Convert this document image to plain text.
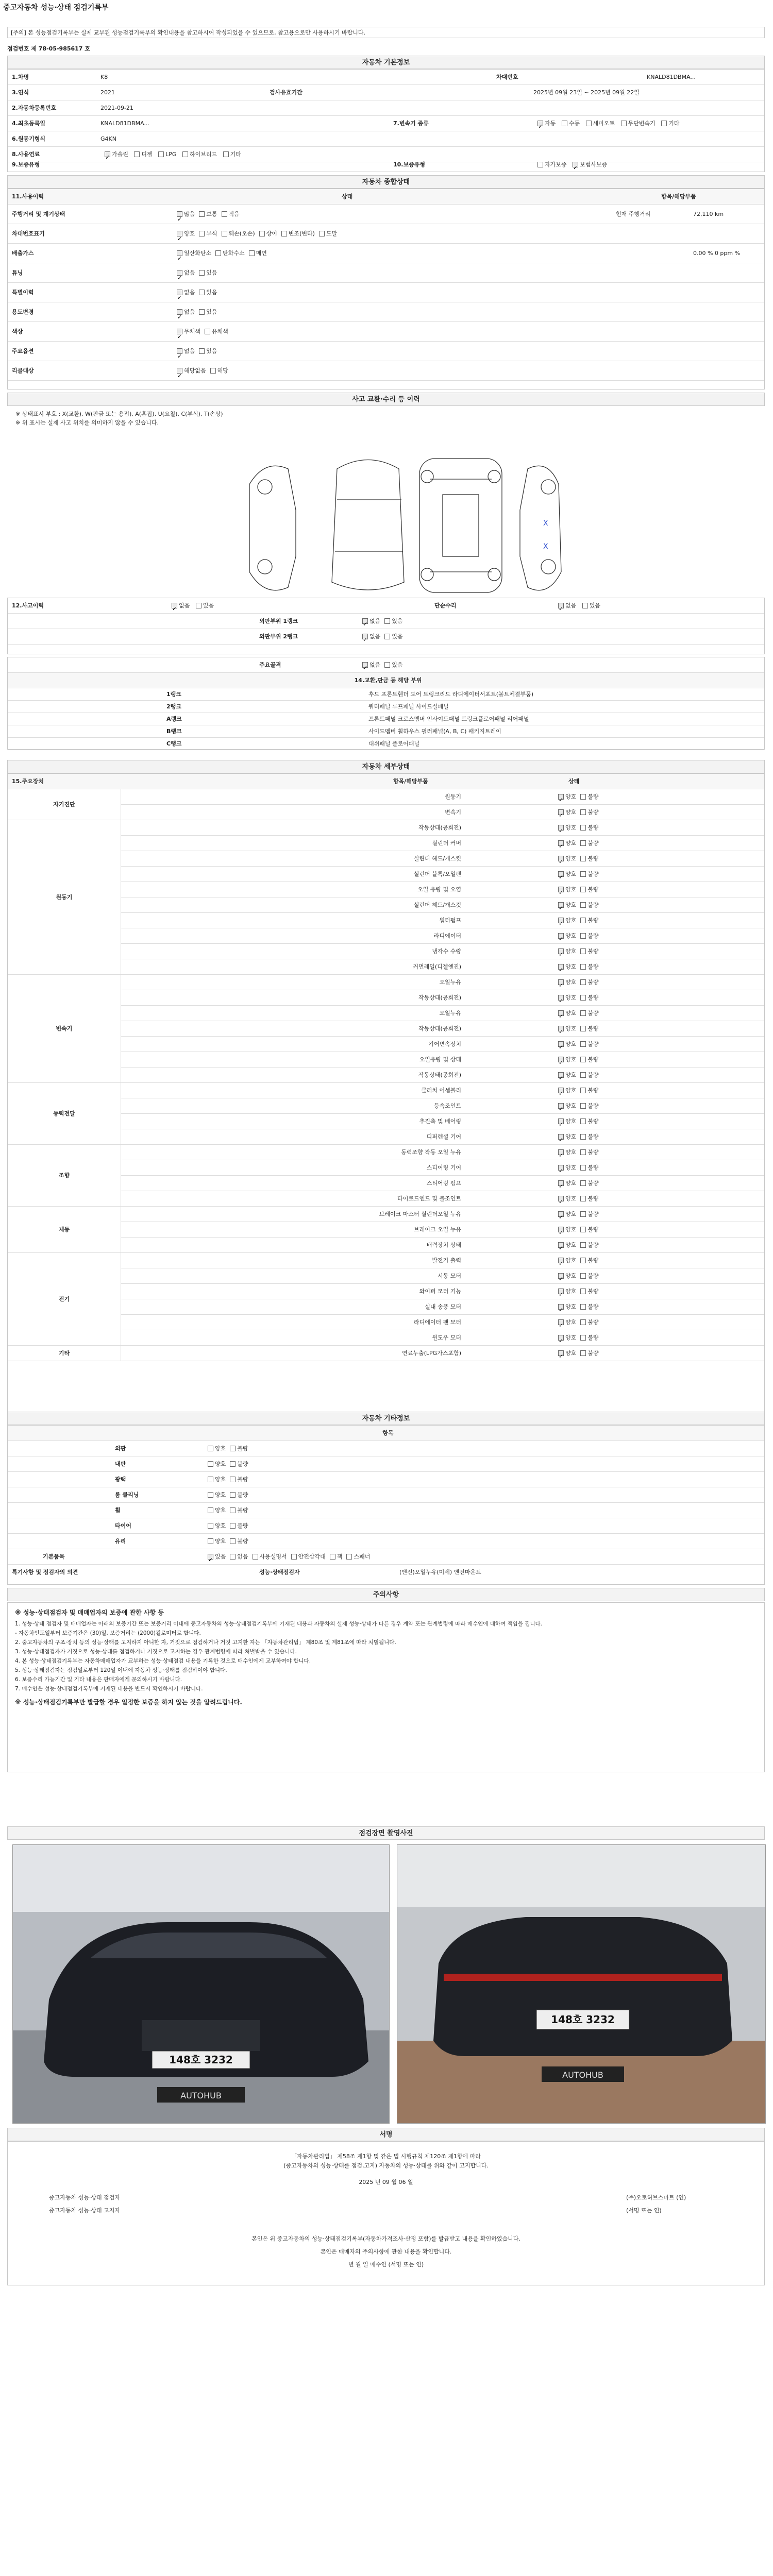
중고자동차 성능·상태 점검기록부
[주의] 본 성능점검기록부는 실제 교부된 성능점검기록부의 확인내용을 참고하시어 작성되었을 수 있으므로, 참고용으로만 사용하시기 바랍니다.
점검번호 제 78-05-985617 호
자동차 기본정보
1.차명	K8	차대번호	KNALD81DBMA...
3.연식	2021	검사유효기간	2025년 09월 23일 ~ 2025년 09월 22일
2.자동차등록번호	2021-09-21
4.최초등록일	KNALD81DBMA...	7.변속기 종류 ✓	자동 수동 세미오토 무단변속기 기타
6.원동기형식	G4KN
8.사용연료 ✓	가솔린 디젤 LPG 하이브리드 기타
9.보증유형	10.보증유형	자가보증 ✓ 보험사보증
자동차 종합상태
11.사용이력	상태	항목/해당부품
주행거리 및 계기상태 ✓	많음 보통 적음	현재 주행거리	72,110 km
차대번호표기 ✓	양호 부식 훼손(오손) 상이 변조(변타) 도말
배출가스 ✓	일산화탄소 탄화수소 매연	0.00 % 0 ppm %
튜닝 ✓	없음 있음
특별이력 ✓	없음 있음
용도변경 ✓	없음 있음
색상 ✓	무채색 유채색
주요옵션 ✓	없음 있음
리콜대상 ✓	해당없음 해당
사고 교환·수리 등 이력
※ 상태표시 부호 : X(교환), W(판금 또는 용접), A(흠집), U(요철), C(부식), T(손상)
※ 위 표시는 실제 사고 위치를 의미하지 않을 수 있습니다.
X
X
12.사고이력 ✓	없음 있음	단순수리 ✓	없음 있음
외판부위 1랭크 ✓	없음 있음
외판부위 2랭크 ✓	없음 있음
주요골격 ✓	없음 있음
14.교환,판금 등 해당 부위
1랭크	후드 프론트휀더 도어 트렁크리드 라디에이터서포트(볼트체결부품)
2랭크	쿼터패널 루프패널 사이드실패널
A랭크	프론트패널 크로스멤버 인사이드패널 트렁크플로어패널 리어패널
B랭크	사이드멤버 휠하우스 필러패널(A, B, C) 패키지트레이
C랭크	대쉬패널 플로어패널
자동차 세부상태
15.주요장치	항목/해당부품	상태
자기진단
원동기 ✓	양호 불량
변속기 ✓	양호 불량
원동기
작동상태(공회전) ✓	양호 불량
실린더 커버 ✓	양호 불량
실린더 헤드/개스킷 ✓	양호 불량
실린더 블록/오일팬 ✓	양호 불량
오일 유량 및 오염 ✓	양호 불량
실린더 헤드/개스킷 ✓	양호 불량
워터펌프 ✓	양호 불량
라디에이터 ✓	양호 불량
냉각수 수량 ✓	양호 불량
커먼레일(디젤엔진) ✓	양호 불량
변속기
오일누유 ✓	양호 불량
작동상태(공회전) ✓	양호 불량
오일누유 ✓	양호 불량
작동상태(공회전) ✓	양호 불량
기어변속장치 ✓	양호 불량
오일유량 및 상태 ✓	양호 불량
작동상태(공회전) ✓	양호 불량
동력전달
클러치 어셈블리 ✓	양호 불량
등속조인트 ✓	양호 불량
추진축 및 베어링 ✓	양호 불량
디퍼렌셜 기어 ✓	양호 불량
조향
동력조향 작동 오일 누유 ✓	양호 불량
스티어링 기어 ✓	양호 불량
스티어링 펌프 ✓	양호 불량
타이로드엔드 및 볼조인트 ✓	양호 불량
제동
브레이크 마스터 실린더오일 누유 ✓	양호 불량
브레이크 오일 누유 ✓	양호 불량
배력장치 상태 ✓	양호 불량
전기
발전기 출력 ✓	양호 불량
시동 모터 ✓	양호 불량
와이퍼 모터 기능 ✓	양호 불량
실내 송풍 모터 ✓	양호 불량
라디에이터 팬 모터 ✓	양호 불량
윈도우 모터 ✓	양호 불량
기타	연료누출(LPG가스포함) ✓	양호 불량
자동차 기타정보
항목
외판	양호 불량
내판	양호 불량
광택	양호 불량
룸 클리닝	양호 불량
휠	양호 불량
타이어	양호 불량
유리	양호 불량
기본품목 ✓	있음 없음 사용설명서 안전삼각대 잭 스패너
특기사항 및 점검자의 의견	성능·상태점검자	(엔진)오일누유(미세) 엔진마운트
주의사항
※ 성능·상태점검자 및 매매업자의 보증에 관한 사항 등
1. 성능·상태 점검자 및 매매업자는 아래의 보증기간 또는 보증거리 이내에 중고자동차의 성능·상태점검기록부에 기재된 내용과 자동차의 실제 성능·상태가 다른 경우 계약 또는 관계법령에 따라 매수인에 대하여 책임을 집니다.
- 자동차인도일부터 보증기간은 (30)일, 보증거리는 (2000)킬로미터로 합니다.
2. 중고자동차의 구조·장치 등의 성능·상태를 고지하지 아니한 자, 거짓으로 점검하거나 거짓 고지한 자는 「자동차관리법」 제80조 및 제81조에 따라 처벌됩니다.
3. 성능·상태점검자가 거짓으로 성능·상태를 점검하거나 거짓으로 고지하는 경우 관계법령에 따라 처벌받을 수 있습니다.
4. 본 성능·상태점검기록부는 자동차매매업자가 교부하는 성능·상태점검 내용을 기록한 것으로 매수인에게 교부하여야 합니다.
5. 성능·상태점검자는 점검일로부터 120일 이내에 자동차 성능·상태를 점검하여야 합니다.
6. 보증수리 가능기간 및 기타 내용은 판매자에게 문의하시기 바랍니다.
7. 매수인은 성능·상태점검기록부에 기재된 내용을 반드시 확인하시기 바랍니다.
※ 성능·상태점검기록부만 발급할 경우 일정한 보증을 하지 않는 것을 알려드립니다.
점검장면 촬영사진
148호 3232
AUTOHUB
148호 3232
AUTOHUB
서명
「자동차관리법」 제58조 제1항 및 같은 법 시행규칙 제120조 제1항에 따라
(중고자동차의 성능·상태를 점검,고지) 자동차의 성능·상태를 위와 같이 고지합니다.
2025 년 09 월 06 일
중고자동차 성능·상태 점검자	(주)오토허브스마트 (인)
중고자동차 성능·상태 고지자	(서명 또는 인)
본인은 위 중고자동차의 성능·상태점검기록부(자동차가격조사·산정 포함)를 발급받고 내용을 확인하였습니다.
본인은 매매자의 주의사항에 관한 내용을 확인합니다.
년 월 일 매수인 (서명 또는 인)
